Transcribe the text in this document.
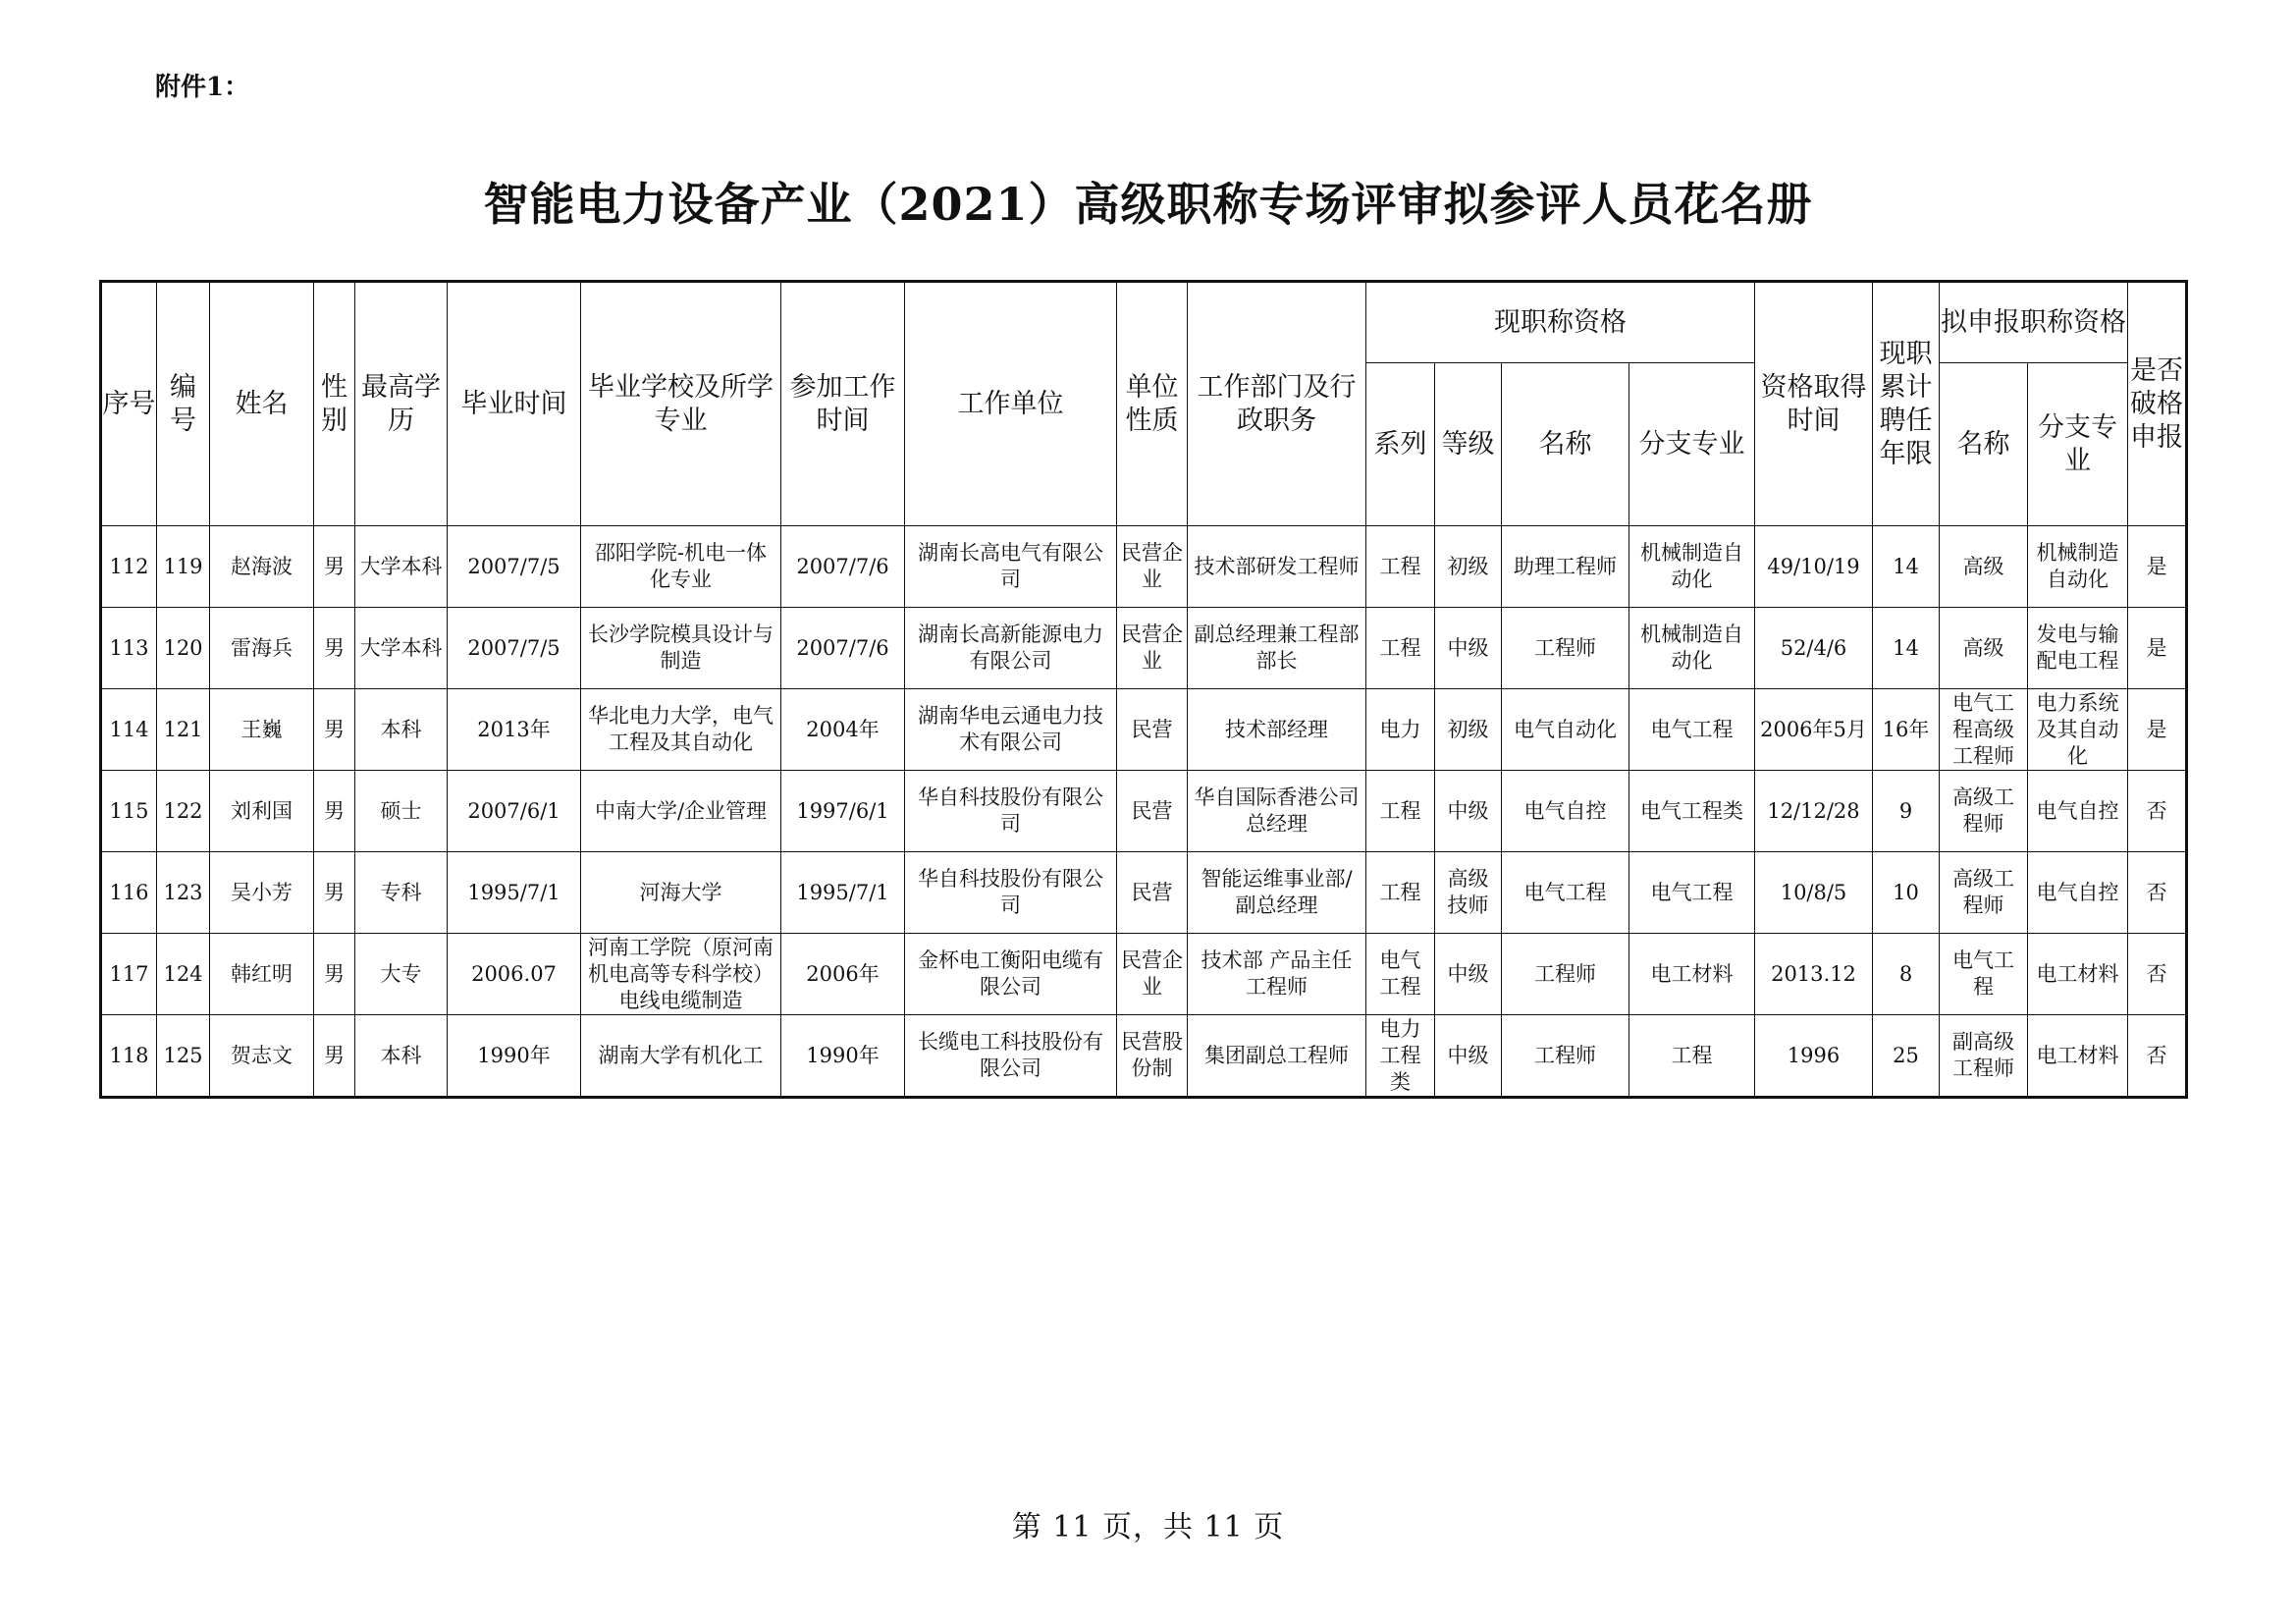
附件1：
智能电力设备产业（2021）高级职称专场评审拟参评人员花名册
序号	编号	姓名	性别	最高学历	毕业时间	毕业学校及所学专业	参加工作时间	工作单位	单位性质	工作部门及行政职务	现职称资格				资格取得时间	现职累计聘任年限	拟申报职称资格		是否破格申报
											系列	等级	名称	分支专业			名称	分支专业	

112	119	赵海波	男	大学本科	2007/7/5	邵阳学院-机电一体化专业	2007/7/6	湖南长高电气有限公司	民营企业	技术部研发工程师	工程	初级	助理工程师	机械制造自动化	49/10/19	14	高级	机械制造自动化	是

113	120	雷海兵	男	大学本科	2007/7/5	长沙学院模具设计与制造	2007/7/6	湖南长高新能源电力有限公司	民营企业	副总经理兼工程部部长	工程	中级	工程师	机械制造自动化	52/4/6	14	高级	发电与输配电工程	是

114	121	王巍	男	本科	2013年	华北电力大学，电气工程及其自动化	2004年	湖南华电云通电力技术有限公司	民营	技术部经理	电力	初级	电气自动化	电气工程	2006年5月	16年	电气工程高级工程师	电力系统及其自动化	是

115	122	刘利国	男	硕士	2007/6/1	中南大学/企业管理	1997/6/1	华自科技股份有限公司	民营	华自国际香港公司总经理	工程	中级	电气自控	电气工程类	12/12/28	9	高级工程师	电气自控	否

116	123	吴小芳	男	专科	1995/7/1	河海大学	1995/7/1	华自科技股份有限公司	民营	智能运维事业部/副总经理	工程	高级技师	电气工程	电气工程	10/8/5	10	高级工程师	电气自控	否

117	124	韩红明	男	大专	2006.07	河南工学院（原河南机电高等专科学校）电线电缆制造	2006年	金杯电工衡阳电缆有限公司	民营企业	技术部 产品主任工程师	电气工程	中级	工程师	电工材料	2013.12	8	电气工程	电工材料	否

118	125	贺志文	男	本科	1990年	湖南大学有机化工	1990年	长缆电工科技股份有限公司	民营股份制	集团副总工程师	电力工程类	中级	工程师	工程	1996	25	副高级工程师	电工材料	否
第 11 页，共 11 页
